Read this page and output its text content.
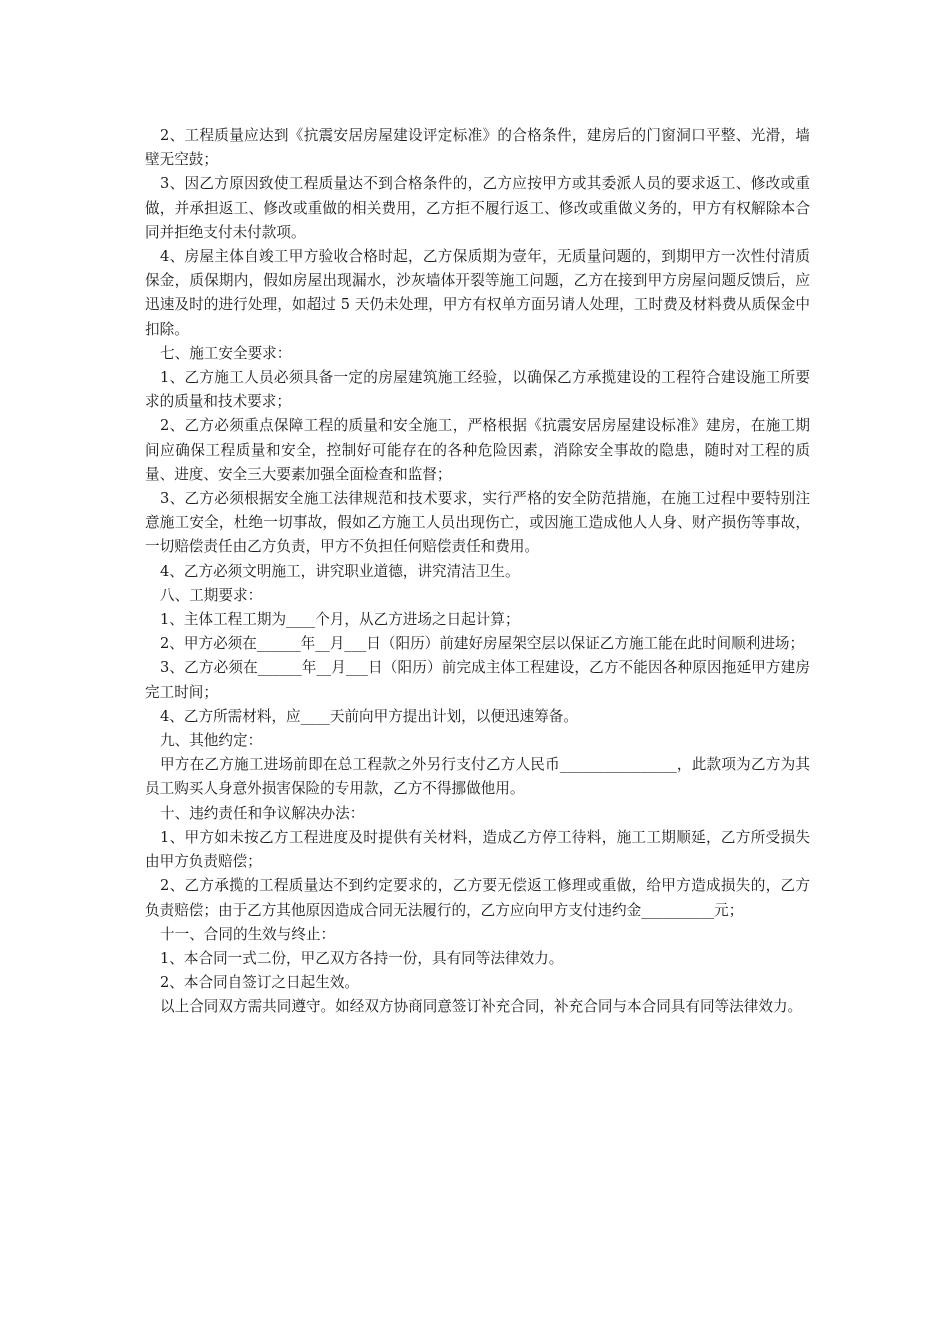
2、工程质量应达到《抗震安居房屋建设评定标准》的合格条件，建房后的门窗洞口平整、光滑，墙壁无空鼓；

3、因乙方原因致使工程质量达不到合格条件的，乙方应按甲方或其委派人员的要求返工、修改或重做，并承担返工、修改或重做的相关费用，乙方拒不履行返工、修改或重做义务的，甲方有权解除本合同并拒绝支付未付款项。

4、房屋主体自竣工甲方验收合格时起，乙方保质期为壹年，无质量问题的，到期甲方一次性付清质保金，质保期内，假如房屋出现漏水，沙灰墙体开裂等施工问题，乙方在接到甲方房屋问题反馈后，应迅速及时的进行处理，如超过 5 天仍未处理，甲方有权单方面另请人处理，工时费及材料费从质保金中扣除。

七、施工安全要求：

1、乙方施工人员必须具备一定的房屋建筑施工经验，以确保乙方承揽建设的工程符合建设施工所要求的质量和技术要求；

2、乙方必须重点保障工程的质量和安全施工，严格根据《抗震安居房屋建设标准》建房，在施工期间应确保工程质量和安全，控制好可能存在的各种危险因素，消除安全事故的隐患，随时对工程的质量、进度、安全三大要素加强全面检查和监督；

3、乙方必须根据安全施工法律规范和技术要求，实行严格的安全防范措施，在施工过程中要特别注意施工安全，杜绝一切事故，假如乙方施工人员出现伤亡，或因施工造成他人人身、财产损伤等事故，一切赔偿责任由乙方负责，甲方不负担任何赔偿责任和费用。

4、乙方必须文明施工，讲究职业道德，讲究清洁卫生。

八、工期要求：

1、主体工程工期为____个月，从乙方进场之日起计算；

2、甲方必须在______年__月___日（阳历）前建好房屋架空层以保证乙方施工能在此时间顺利进场；

3、乙方必须在______年__月___日（阳历）前完成主体工程建设，乙方不能因各种原因拖延甲方建房完工时间；

4、乙方所需材料，应____天前向甲方提出计划，以便迅速筹备。

九、其他约定：

甲方在乙方施工进场前即在总工程款之外另行支付乙方人民币________________，此款项为乙方为其员工购买人身意外损害保险的专用款，乙方不得挪做他用。

十、违约责任和争议解决办法：

1、甲方如未按乙方工程进度及时提供有关材料，造成乙方停工待料，施工工期顺延，乙方所受损失由甲方负责赔偿；

2、乙方承揽的工程质量达不到约定要求的，乙方要无偿返工修理或重做，给甲方造成损失的，乙方负责赔偿；由于乙方其他原因造成合同无法履行的，乙方应向甲方支付违约金__________元；

十一、合同的生效与终止：

1、本合同一式二份，甲乙双方各持一份，具有同等法律效力。

2、本合同自签订之日起生效。

以上合同双方需共同遵守。如经双方协商同意签订补充合同，补充合同与本合同具有同等法律效力。
